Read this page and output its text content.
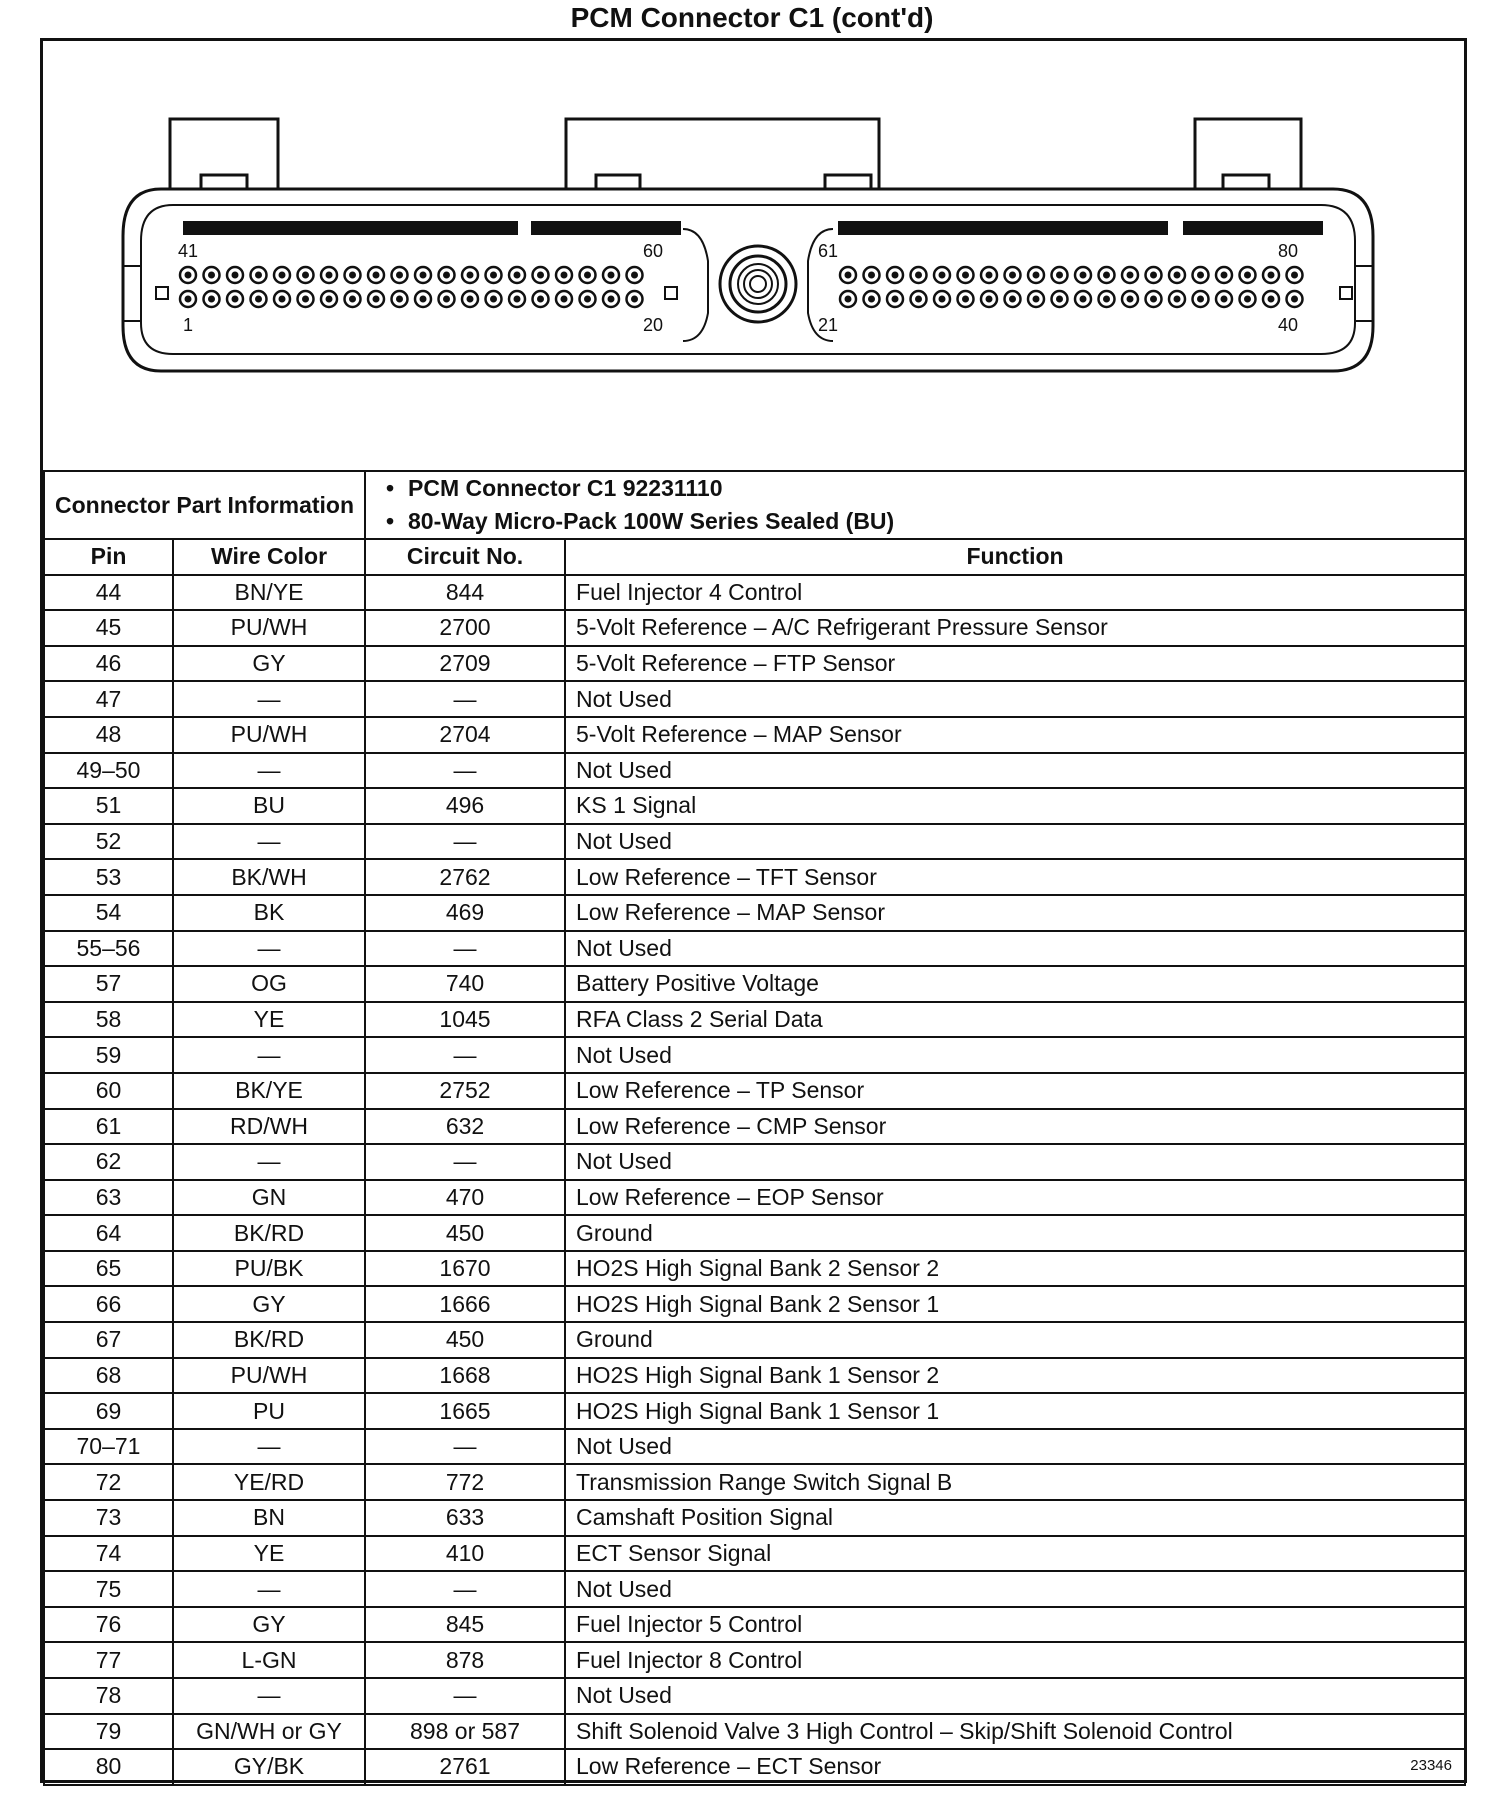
PCM Connector C1 (cont'd)
41	60
1	20
61	80
21	40
23346
Connector Part Information		• PCM Connector C1 92231110
• 80-Way Micro-Pack 100W Series Sealed (BU)

Pin	Wire Color	Circuit No.	Function
44	BN/YE	844	Fuel Injector 4 Control
45	PU/WH	2700	5-Volt Reference – A/C Refrigerant Pressure Sensor
46	GY	2709	5-Volt Reference – FTP Sensor
47	—	—	Not Used
48	PU/WH	2704	5-Volt Reference – MAP Sensor
49–50	—	—	Not Used
51	BU	496	KS 1 Signal
52	—	—	Not Used
53	BK/WH	2762	Low Reference – TFT Sensor
54	BK	469	Low Reference – MAP Sensor
55–56	—	—	Not Used
57	OG	740	Battery Positive Voltage
58	YE	1045	RFA Class 2 Serial Data
59	—	—	Not Used
60	BK/YE	2752	Low Reference – TP Sensor
61	RD/WH	632	Low Reference – CMP Sensor
62	—	—	Not Used
63	GN	470	Low Reference – EOP Sensor
64	BK/RD	450	Ground
65	PU/BK	1670	HO2S High Signal Bank 2 Sensor 2
66	GY	1666	HO2S High Signal Bank 2 Sensor 1
67	BK/RD	450	Ground
68	PU/WH	1668	HO2S High Signal Bank 1 Sensor 2
69	PU	1665	HO2S High Signal Bank 1 Sensor 1
70–71	—	—	Not Used
72	YE/RD	772	Transmission Range Switch Signal B
73	BN	633	Camshaft Position Signal
74	YE	410	ECT Sensor Signal
75	—	—	Not Used
76	GY	845	Fuel Injector 5 Control
77	L-GN	878	Fuel Injector 8 Control
78	—	—	Not Used
79	GN/WH or GY	898 or 587	Shift Solenoid Valve 3 High Control – Skip/Shift Solenoid Control
80	GY/BK	2761	Low Reference – ECT Sensor
